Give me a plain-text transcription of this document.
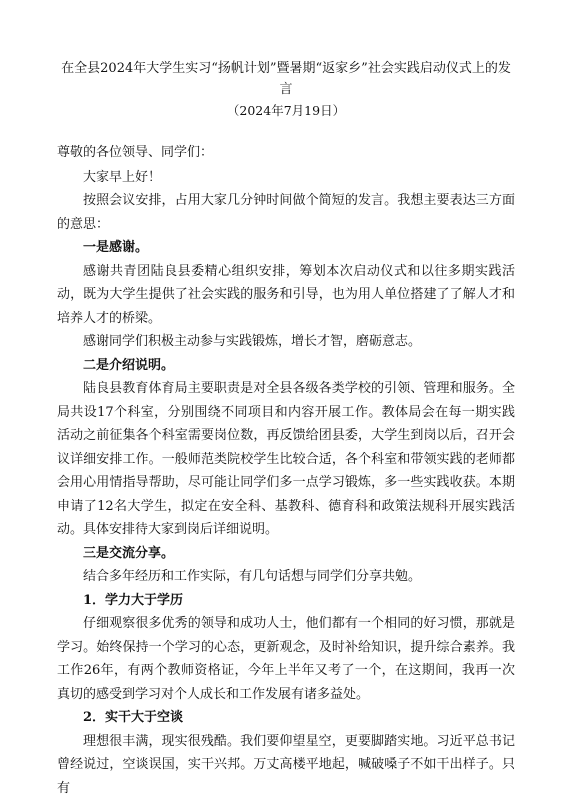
在全县2024年大学生实习“扬帆计划”暨暑期“返家乡”社会实践启动仪式上的发言
（2024年7月19日）

尊敬的各位领导、同学们：

大家早上好！

按照会议安排，占用大家几分钟时间做个简短的发言。我想主要表达三方面的意思：

一是感谢。

感谢共青团陆良县委精心组织安排，筹划本次启动仪式和以往多期实践活动，既为大学生提供了社会实践的服务和引导，也为用人单位搭建了了解人才和培养人才的桥梁。

感谢同学们积极主动参与实践锻炼，增长才智，磨砺意志。

二是介绍说明。

陆良县教育体育局主要职责是对全县各级各类学校的引领、管理和服务。全局共设17个科室，分别围绕不同项目和内容开展工作。教体局会在每一期实践活动之前征集各个科室需要岗位数，再反馈给团县委，大学生到岗以后，召开会议详细安排工作。一般师范类院校学生比较合适，各个科室和带领实践的老师都会用心用情指导帮助，尽可能让同学们多一点学习锻炼，多一些实践收获。本期申请了12名大学生，拟定在安全科、基教科、德育科和政策法规科开展实践活动。具体安排待大家到岗后详细说明。

三是交流分享。

结合多年经历和工作实际，有几句话想与同学们分享共勉。

1．学力大于学历

仔细观察很多优秀的领导和成功人士，他们都有一个相同的好习惯，那就是学习。始终保持一个学习的心态，更新观念，及时补给知识，提升综合素养。我工作26年，有两个教师资格证，今年上半年又考了一个，在这期间，我再一次真切的感受到学习对个人成长和工作发展有诸多益处。

2．实干大于空谈

理想很丰满，现实很残酷。我们要仰望星空，更要脚踏实地。习近平总书记曾经说过，空谈误国，实干兴邦。万丈高楼平地起，喊破嗓子不如干出样子。只有
